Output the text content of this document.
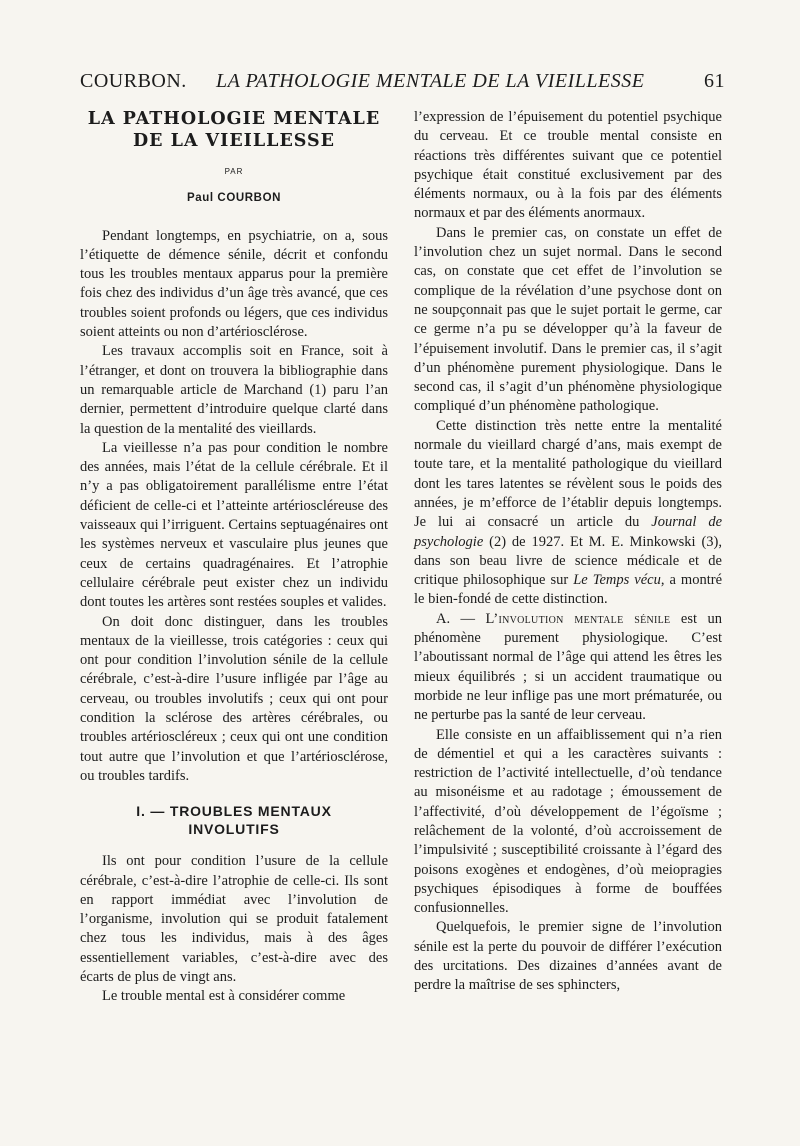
COURBON. LA PATHOLOGIE MENTALE DE LA VIEILLESSE	61
LA PATHOLOGIE MENTALE
DE LA VIEILLESSE
PAR
Paul COURBON

Pendant longtemps, en psychiatrie, on a, sous l’étiquette de démence sénile, décrit et confondu tous les troubles mentaux apparus pour la première fois chez des individus d’un âge très avancé, que ces troubles soient profonds ou légers, que ces individus soient atteints ou non d’artériosclérose.

Les travaux accomplis soit en France, soit à l’étranger, et dont on trouvera la bibliographie dans un remarquable article de Marchand (1) paru l’an dernier, permettent d’introduire quelque clarté dans la question de la mentalité des vieillards.

La vieillesse n’a pas pour condition le nombre des années, mais l’état de la cellule cérébrale. Et il n’y a pas obligatoirement parallélisme entre l’état déficient de celle-ci et l’atteinte artérioscléreuse des vaisseaux qui l’irriguent. Certains septuagénaires ont les systèmes nerveux et vasculaire plus jeunes que ceux de certains quadragénaires. Et l’atrophie cellulaire cérébrale peut exister chez un individu dont toutes les artères sont restées souples et valides.

On doit donc distinguer, dans les troubles mentaux de la vieillesse, trois catégories : ceux qui ont pour condition l’involution sénile de la cellule cérébrale, c’est-à-dire l’usure infligée par l’âge au cerveau, ou troubles involutifs ; ceux qui ont pour condition la sclérose des artères cérébrales, ou troubles artérioscléreux ; ceux qui ont une condition tout autre que l’involution et que l’artériosclérose, ou troubles tardifs.

I. — TROUBLES MENTAUX
INVOLUTIFS

Ils ont pour condition l’usure de la cellule cérébrale, c’est-à-dire l’atrophie de celle-ci. Ils sont en rapport immédiat avec l’involution de l’organisme, involution qui se produit fatalement chez tous les individus, mais à des âges essentiellement variables, c’est-à-dire avec des écarts de plus de vingt ans.

Le trouble mental est à considérer comme

l’expression de l’épuisement du potentiel psychique du cerveau. Et ce trouble mental consiste en réactions très différentes suivant que ce potentiel psychique était constitué exclusivement par des éléments normaux, ou à la fois par des éléments normaux et par des éléments anormaux.

Dans le premier cas, on constate un effet de l’involution chez un sujet normal. Dans le second cas, on constate que cet effet de l’involution se complique de la révélation d’une psychose dont on ne soupçonnait pas que le sujet portait le germe, car ce germe n’a pu se développer qu’à la faveur de l’épuisement involutif. Dans le premier cas, il s’agit d’un phénomène purement physiologique. Dans le second cas, il s’agit d’un phénomène physiologique compliqué d’un phénomène pathologique.

Cette distinction très nette entre la mentalité normale du vieillard chargé d’ans, mais exempt de toute tare, et la mentalité pathologique du vieillard dont les tares latentes se révèlent sous le poids des années, je m’efforce de l’établir depuis longtemps. Je lui ai consacré un article du Journal de psychologie (2) de 1927. Et M. E. Minkowski (3), dans son beau livre de science médicale et de critique philosophique sur Le Temps vécu, a montré le bien-fondé de cette distinction.

A. — L’involution mentale sénile est un phénomène purement physiologique. C’est l’aboutissant normal de l’âge qui attend les êtres les mieux équilibrés ; si un accident traumatique ou morbide ne leur inflige pas une mort prématurée, ou ne perturbe pas la santé de leur cerveau.

Elle consiste en un affaiblissement qui n’a rien de démentiel et qui a les caractères suivants : restriction de l’activité intellectuelle, d’où tendance au misonéisme et au radotage ; émoussement de l’affectivité, d’où développement de l’égoïsme ; relâchement de la volonté, d’où accroissement de l’impulsivité ; susceptibilité croissante à l’égard des poisons exogènes et endogènes, d’où meiopragies psychiques épisodiques à forme de bouffées confusionnelles.

Quelquefois, le premier signe de l’involution sénile est la perte du pouvoir de différer l’exécution des urcitations. Des dizaines d’années avant de perdre la maîtrise de ses sphincters,
